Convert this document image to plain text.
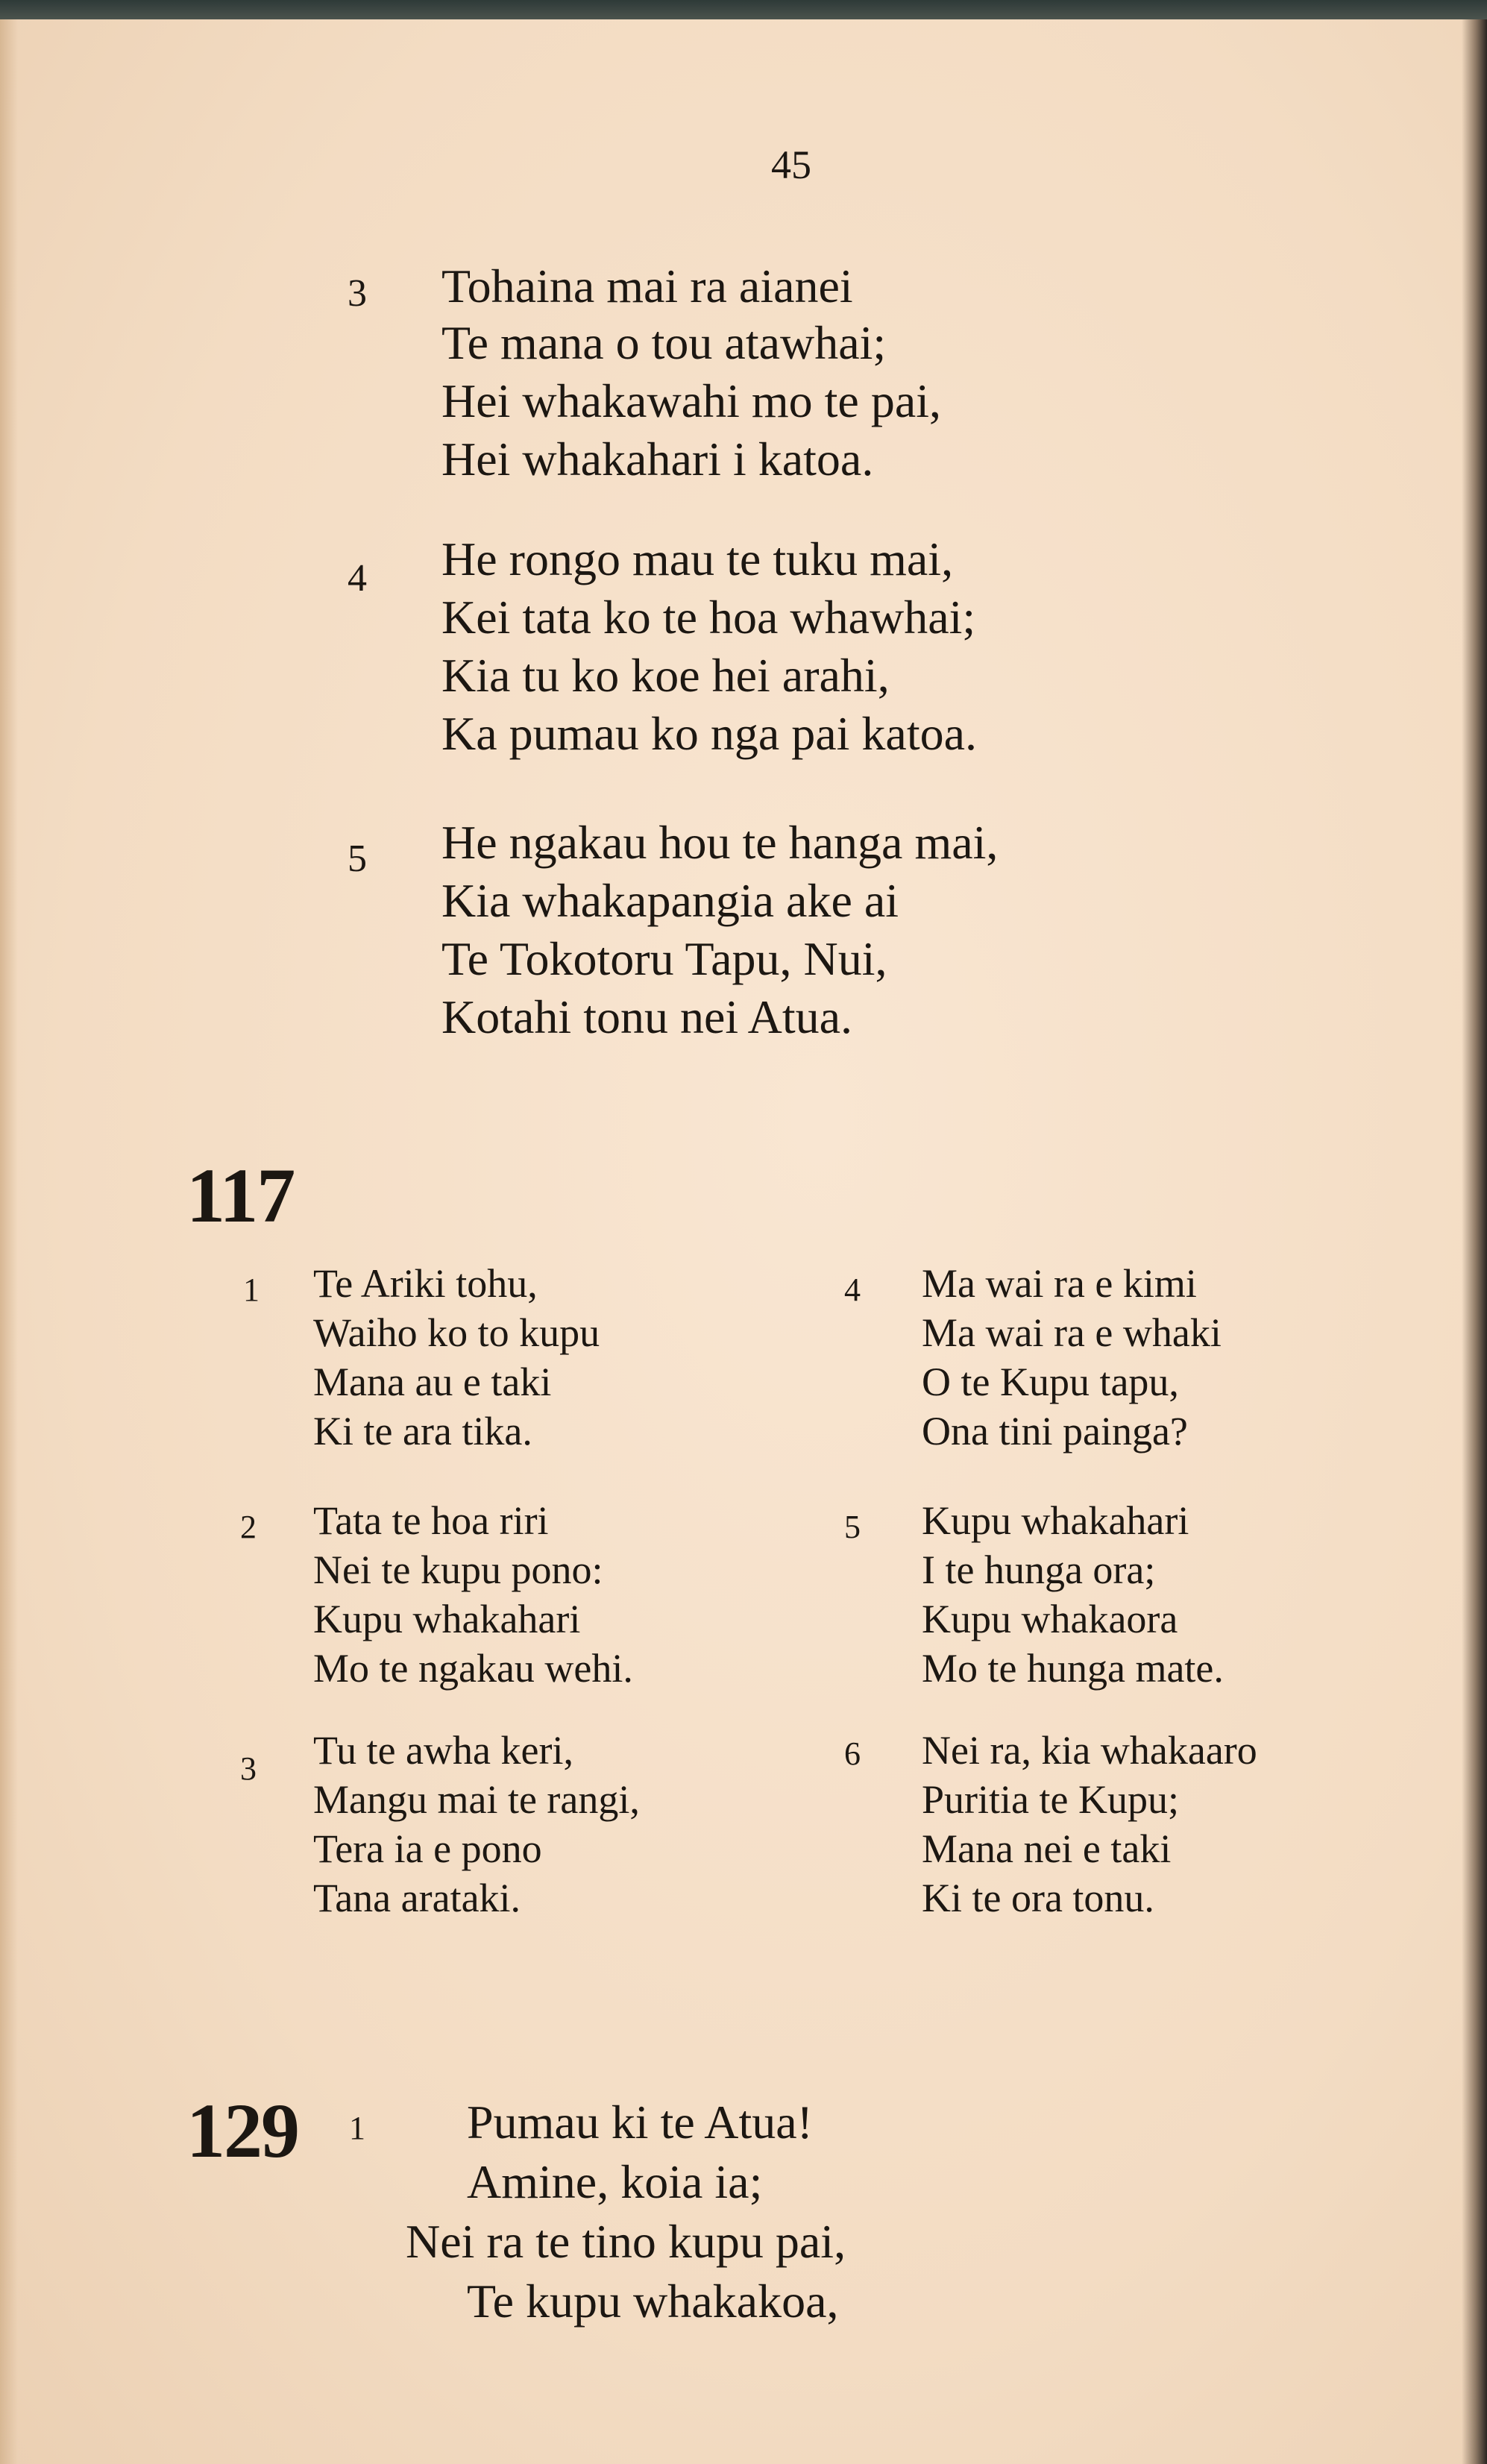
45
3 Tohaina mai ra aianei
Te mana o tou atawhai;
Hei whakawahi mo te pai,
Hei whakahari i katoa.
4 He rongo mau te tuku mai,
Kei tata ko te hoa whawhai;
Kia tu ko koe hei arahi,
Ka pumau ko nga pai katoa.
5 He ngakau hou te hanga mai,
Kia whakapangia ake ai
Te Tokotoru Tapu, Nui,
Kotahi tonu nei Atua.
117
1 Te Ariki tohu,
Waiho ko to kupu
Mana au e taki
Ki te ara tika.
2 Tata te hoa riri
Nei te kupu pono:
Kupu whakahari
Mo te ngakau wehi.
3 Tu te awha keri,
Mangu mai te rangi,
Tera ia e pono
Tana arataki.
4 Ma wai ra e kimi
Ma wai ra e whaki
O te Kupu tapu,
Ona tini painga?
5 Kupu whakahari
I te hunga ora;
Kupu whakaora
Mo te hunga mate.
6 Nei ra, kia whakaaro
Puritia te Kupu;
Mana nei e taki
Ki te ora tonu.
129 1 Pumau ki te Atua!
Amine, koia ia;
Nei ra te tino kupu pai,
Te kupu whakakoa,
